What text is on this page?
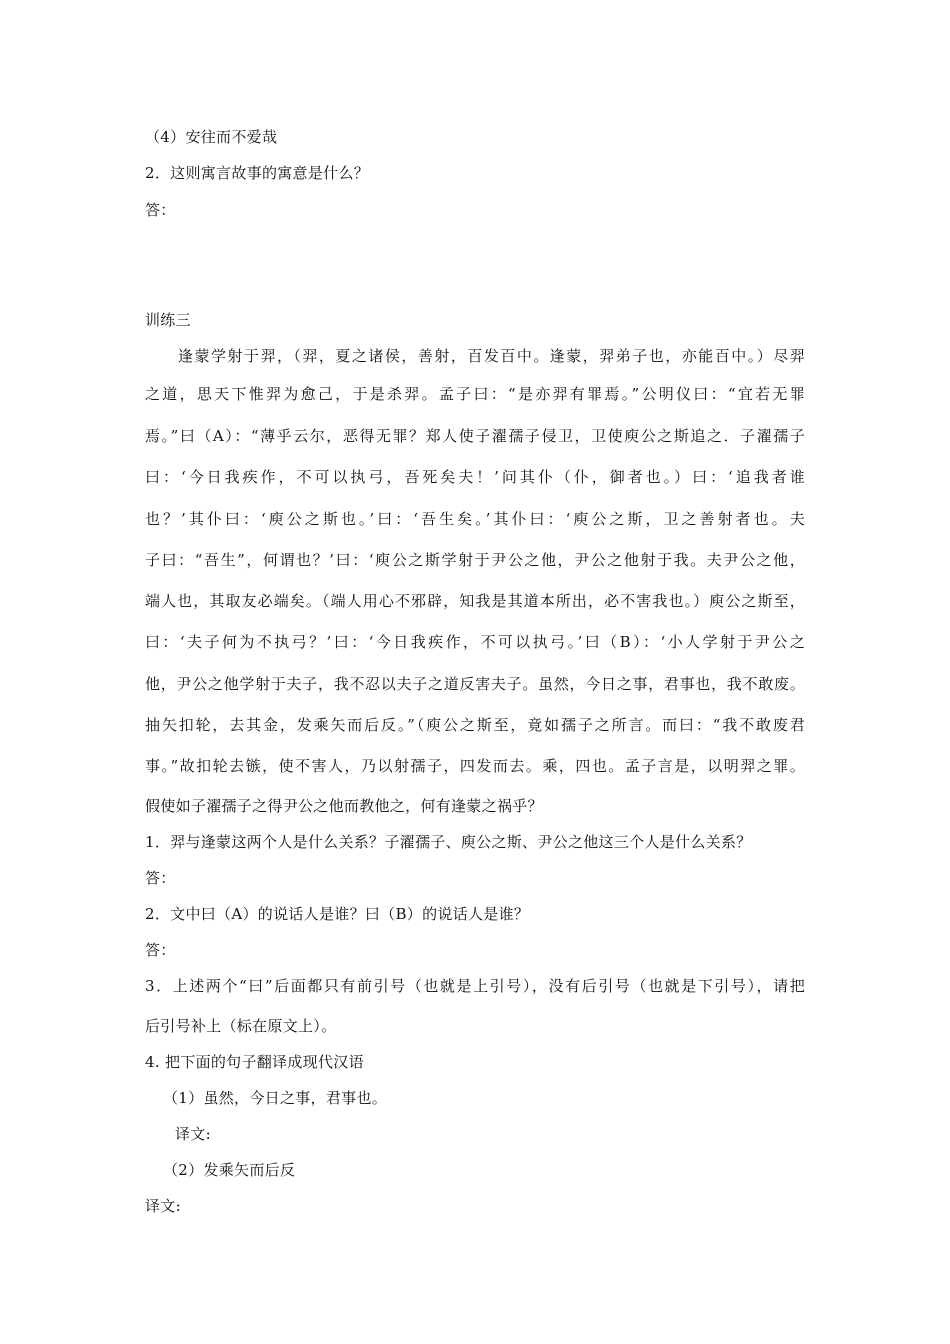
（4）安往而不爱哉
2．这则寓言故事的寓意是什么？
答：
训练三
　　逢蒙学射于羿，（羿，夏之诸侯，善射，百发百中。逢蒙，羿弟子也，亦能百中。）尽羿
之道，思天下惟羿为愈己，于是杀羿。孟子曰：“是亦羿有罪焉。”公明仪曰：“宜若无罪
焉。”曰（A）：“薄乎云尔，恶得无罪？郑人使子濯孺子侵卫，卫使庾公之斯追之．子濯孺子
曰：‘今日我疾作，不可以执弓，吾死矣夫！’问其仆（仆，御者也。）曰：‘追我者谁
也？’其仆曰：‘庾公之斯也。’曰：‘吾生矣。’其仆曰：‘庾公之斯，卫之善射者也。夫
子曰：“吾生”，何谓也？’曰：‘庾公之斯学射于尹公之他，尹公之他射于我。夫尹公之他，
端人也，其取友必端矣。（端人用心不邪辟，知我是其道本所出，必不害我也。）庾公之斯至，
曰：‘夫子何为不执弓？’曰：‘今日我疾作，不可以执弓。’曰（B）：‘小人学射于尹公之
他，尹公之他学射于夫子，我不忍以夫子之道反害夫子。虽然，今日之事，君事也，我不敢废。
抽矢扣轮，去其金，发乘矢而后反。”（庾公之斯至，竟如孺子之所言。而曰：“我不敢废君
事。”故扣轮去镞，使不害人，乃以射孺子，四发而去。乘，四也。孟子言是，以明羿之罪。
假使如子濯孺子之得尹公之他而教他之，何有逢蒙之祸乎？
1．羿与逢蒙这两个人是什么关系？子濯孺子、庾公之斯、尹公之他这三个人是什么关系？
答：
2．文中曰（A）的说话人是谁？曰（B）的说话人是谁？
答：
3．上述两个“曰”后面都只有前引号（也就是上引号），没有后引号（也就是下引号），请把
后引号补上（标在原文上）。
4. 把下面的句子翻译成现代汉语
（1）虽然，今日之事，君事也。
译文:
（2）发乘矢而后反
译文:
